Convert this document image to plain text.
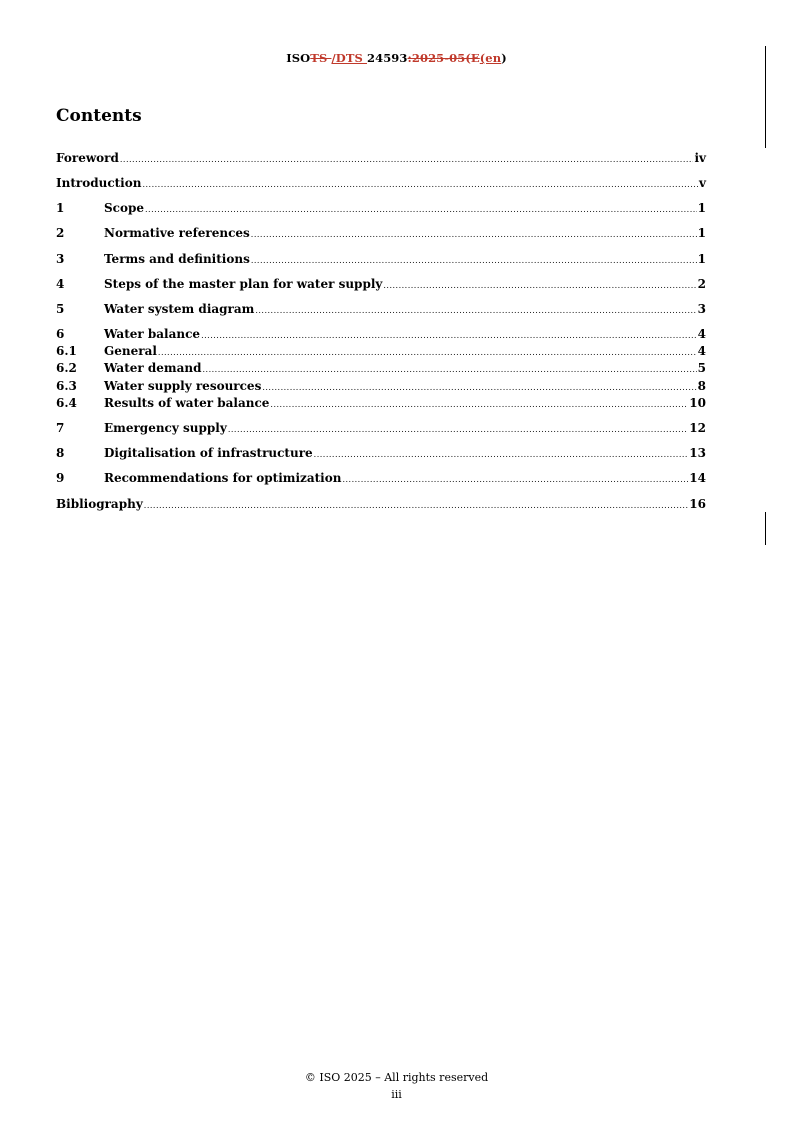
ISOTS /DTS 24593:2025-05(E(en)
Contents
Foreword .....	iv
Introduction .....	v
1	Scope .....	1
2	Normative references .....	1
3	Terms and definitions .....	1
4	Steps of the master plan for water supply .....	2
5	Water system diagram .....	3
6	Water balance .....	4
6.1	General .....	4
6.2	Water demand .....	5
6.3	Water supply resources .....	8
6.4	Results of water balance .....	10
7	Emergency supply .....	12
8	Digitalisation of infrastructure .....	13
9	Recommendations for optimization .....	14
Bibliography .....	16
© ISO 2025 – All rights reserved
iii
